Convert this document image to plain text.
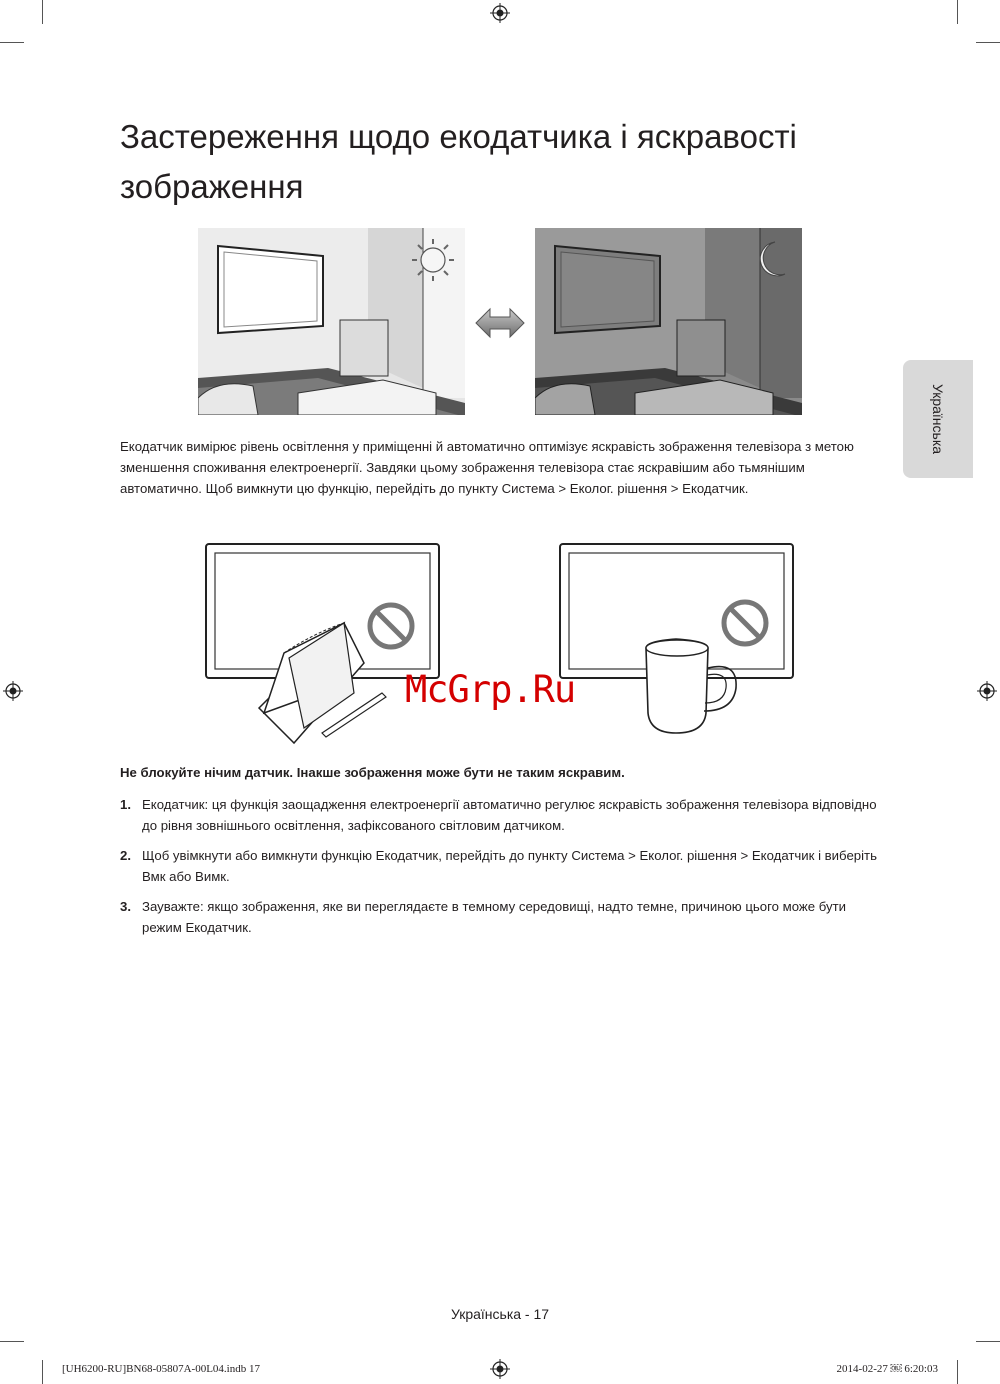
Застереження щодо екодатчика і яскравості зображення
Українська

Екодатчик вимірює рівень освітлення у приміщенні й автоматично оптимізує яскравість зображення телевізора з метою зменшення споживання електроенергії. Завдяки цьому зображення телевізора стає яскравішим або тьмянішим автоматично. Щоб вимкнути цю функцію, перейдіть до пункту Система > Еколог. рішення > Екодатчик.

McGrp.Ru
Не блокуйте нічим датчик. Інакше зображення може бути не таким яскравим.
1. Екодатчик: ця функція заощадження електроенергії автоматично регулює яскравість зображення телевізора відповідно до рівня зовнішнього освітлення, зафіксованого світловим датчиком.
2. Щоб увімкнути або вимкнути функцію Екодатчик, перейдіть до пункту Система > Еколог. рішення > Екодатчик і виберіть Вмк або Вимк.
3. Зауважте: якщо зображення, яке ви переглядаєте в темному середовищі, надто темне, причиною цього може бути режим Екодатчик.
Українська - 17
[UH6200-RU]BN68-05807A-00L04.indb 17	2014-02-27 ￼ 6:20:03
